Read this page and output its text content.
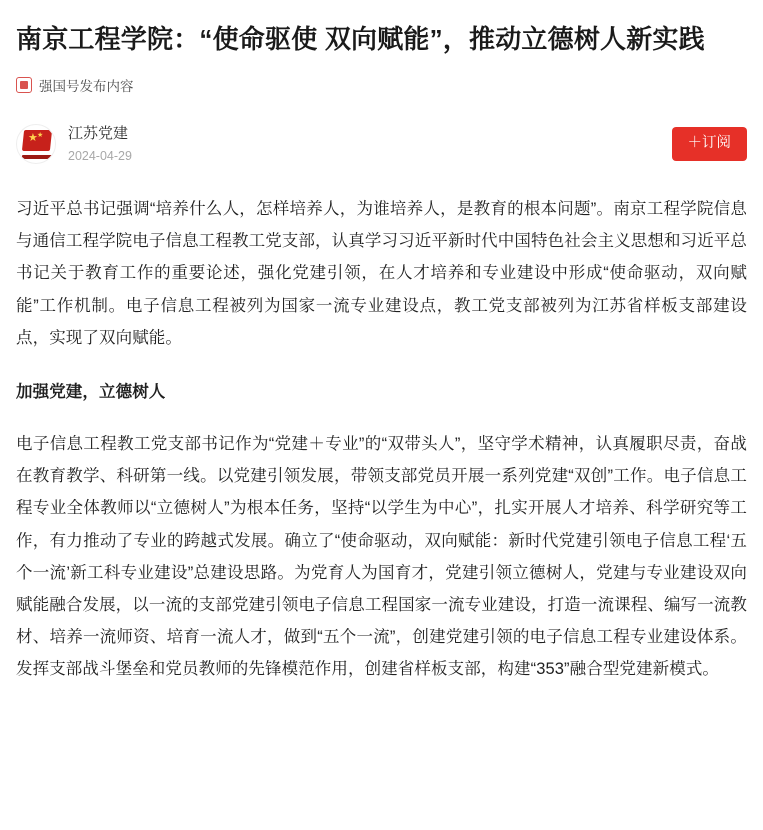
南京工程学院：“使命驱使 双向赋能”，推动立德树人新实践
强国号发布内容
★ ★ 江苏党建
2024-04-29
＋订阅

习近平总书记强调“培养什么人，怎样培养人，为谁培养人，是教育的根本问题”。南京工程学院信息与通信工程学院电子信息工程教工党支部，认真学习习近平新时代中国特色社会主义思想和习近平总书记关于教育工作的重要论述，强化党建引领，在人才培养和专业建设中形成“使命驱动，双向赋能”工作机制。电子信息工程被列为国家一流专业建设点，教工党支部被列为江苏省样板支部建设点，实现了双向赋能。

加强党建，立德树人

电子信息工程教工党支部书记作为“党建＋专业”的“双带头人”，坚守学术精神，认真履职尽责，奋战在教育教学、科研第一线。以党建引领发展，带领支部党员开展一系列党建“双创”工作。电子信息工程专业全体教师以“立德树人”为根本任务，坚持“以学生为中心”，扎实开展人才培养、科学研究等工作，有力推动了专业的跨越式发展。确立了“使命驱动，双向赋能：新时代党建引领电子信息工程‘五个一流’新工科专业建设”总建设思路。为党育人为国育才，党建引领立德树人，党建与专业建设双向赋能融合发展，以一流的支部党建引领电子信息工程国家一流专业建设，打造一流课程、编写一流教材、培养一流师资、培育一流人才，做到“五个一流”，创建党建引领的电子信息工程专业建设体系。发挥支部战斗堡垒和党员教师的先锋模范作用，创建省样板支部，构建“353”融合型党建新模式。
